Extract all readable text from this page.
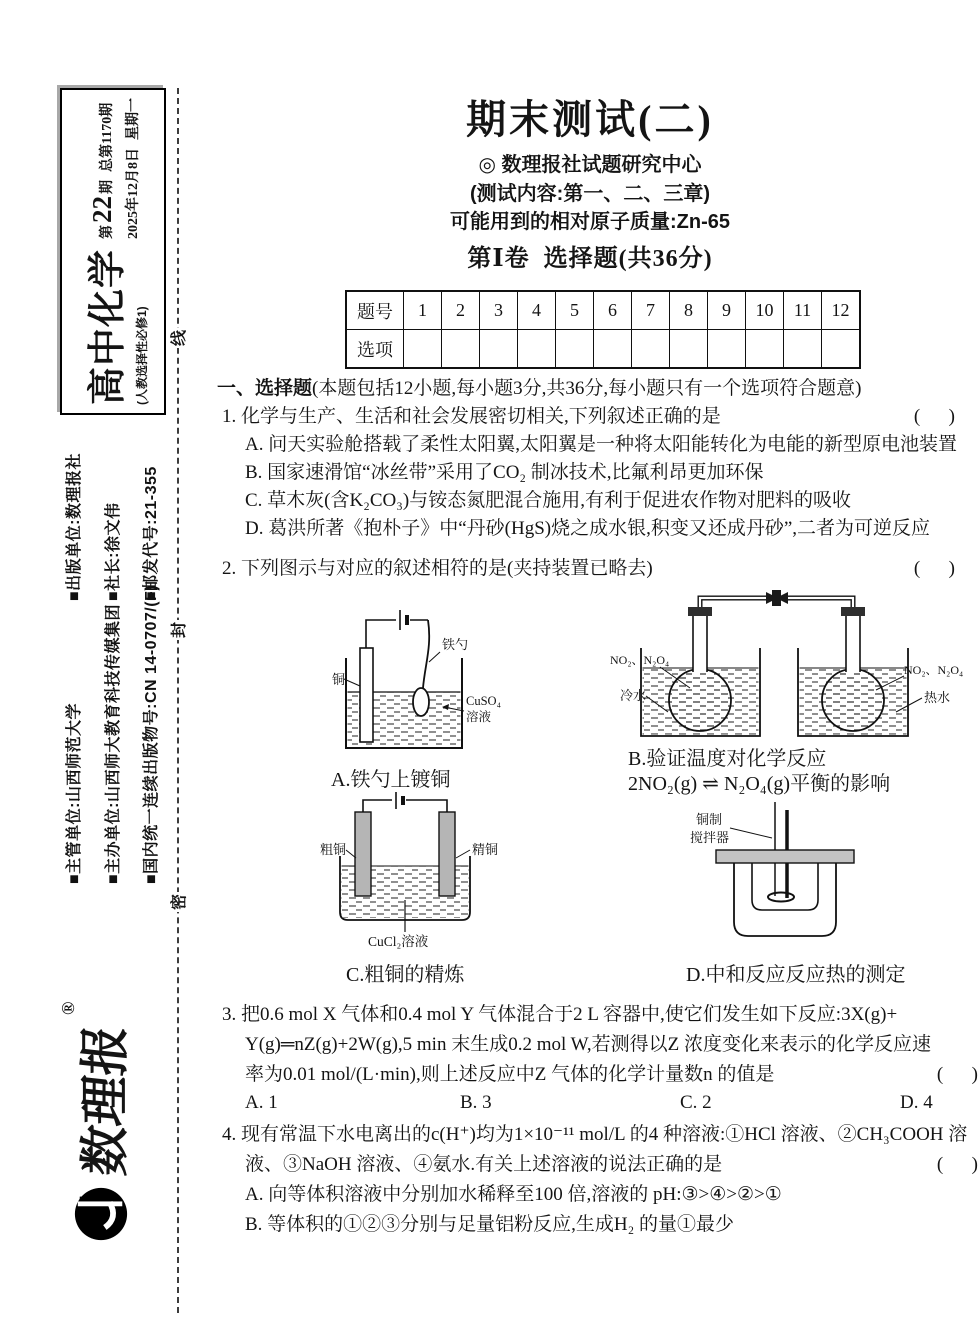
高中化学 (人教选择性必修1)
第22期总第1170期
2025年12月8日星期一
■出版单位:数理报社 ■社长:徐文伟 ■邮发代号:21-355
■主管单位:山西师范大学 ■主办单位:山西师大教育科技传媒集团 ■国内统一连续出版物号:CN 14-0707/(F)
线
封
密
数理报
®
期末测试(二)
◎ 数理报社试题研究中心
(测试内容:第一、二、三章)
可能用到的相对原子质量:Zn-65
第Ⅰ卷  选择题(共36分)
题号	1	2	3	4	5	6	7	8	9	10	11	12
选项												
一、选择题(本题包括12小题,每小题3分,共36分,每小题只有一个选项符合题意)
1. 化学与生产、生活和社会发展密切相关,下列叙述正确的是	(      )
A. 问天实验舱搭载了柔性太阳翼,太阳翼是一种将太阳能转化为电能的新型原电池装置
B. 国家速滑馆“冰丝带”采用了CO₂ 制冰技术,比氟利昂更加环保
C. 草木灰(含K₂CO₃)与铵态氮肥混合施用,有利于促进农作物对肥料的吸收
D. 葛洪所著《抱朴子》中“丹砂(HgS)烧之成水银,积变又还成丹砂”,二者为可逆反应
2. 下列图示与对应的叙述相符的是(夹持装置已略去)	(      )
铜
铁勺
CuSO₄
溶液
A.铁勺上镀铜
NO₂、N₂O₄
冷水
NO₂、N₂O₄
热水
B.验证温度对化学反应
2NO₂(g) ⇌ N₂O₄(g)平衡的影响
粗铜	精铜
CuCl₂溶液
C.粗铜的精炼
铜制
搅拌器
D.中和反应反应热的测定
3. 把0.6 mol X 气体和0.4 mol Y 气体混合于2 L 容器中,使它们发生如下反应:3X(g)+
Y(g)═nZ(g)+2W(g),5 min 末生成0.2 mol W,若测得以Z 浓度变化来表示的化学反应速
率为0.01 mol/(L·min),则上述反应中Z 气体的化学计量数n 的值是	(      )
A. 1	B. 3	C. 2	D. 4
4. 现有常温下水电离出的c(H⁺)均为1×10⁻¹¹ mol/L 的4 种溶液:①HCl 溶液、②CH₃COOH 溶
液、③NaOH 溶液、④氨水.有关上述溶液的说法正确的是	(      )
A. 向等体积溶液中分别加水稀释至100 倍,溶液的 pH:③>④>②>①
B. 等体积的①②③分别与足量铝粉反应,生成H₂ 的量①最少
